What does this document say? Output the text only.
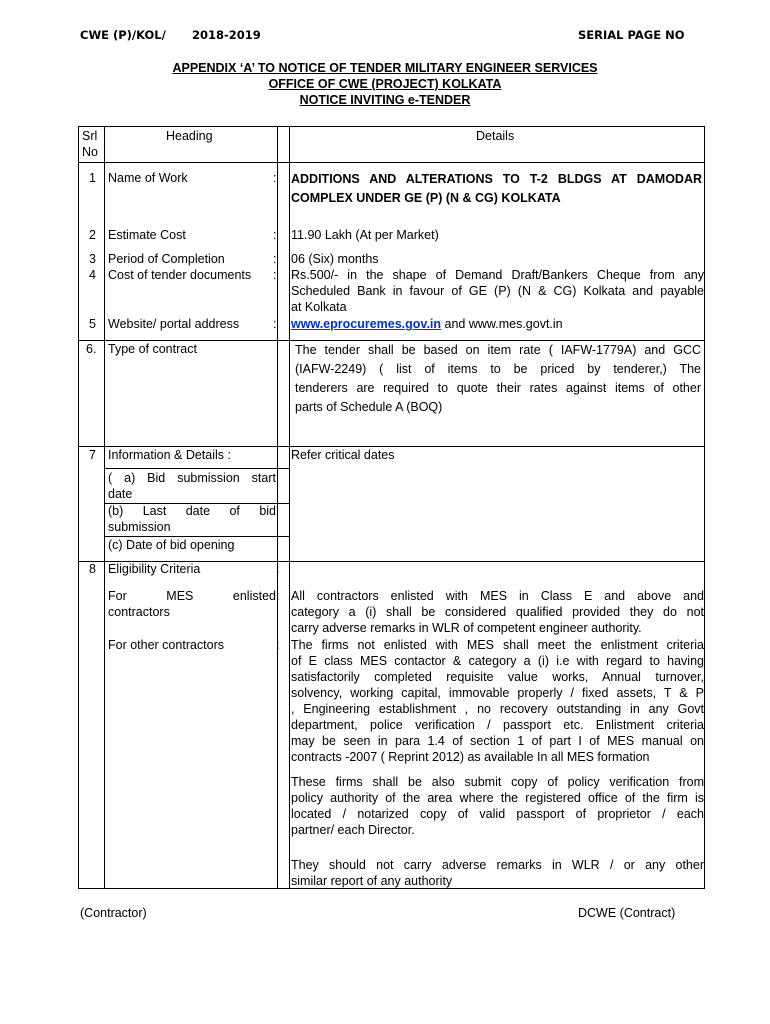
CWE (P)/KOL/ 2018-2019	SERIAL PAGE NO
APPENDIX ‘A’ TO NOTICE OF TENDER MILITARY ENGINEER SERVICES
OFFICE OF CWE (PROJECT) KOLKATA
NOTICE INVITING e-TENDER
Srl
No
Heading	Details
1 Name of Work	: ADDITIONS AND ALTERATIONS TO T-2 BLDGS AT DAMODAR
COMPLEX UNDER GE (P) (N & CG) KOLKATA
2 Estimate Cost	: 11.90 Lakh (At per Market)
3 Period of Completion	: 06 (Six) months
4 Cost of tender documents : Rs.500/- in the shape of Demand Draft/Bankers Cheque from any
Scheduled Bank in favour of GE (P) (N & CG) Kolkata and payable
at Kolkata
5 Website/ portal address	: www.eprocuremes.gov.in and www.mes.govt.in
6. Type of contract	The tender shall be based on item rate ( IAFW-1779A) and GCC
(IAFW-2249) ( list of items to be priced by tenderer,) The
tenderers are required to quote their rates against items of other
parts of Schedule A (BOQ)
7 Information & Details :	Refer critical dates
( a) Bid submission start
date
(b) Last date of bid
submission
(c) Date of bid opening
8 Eligibility Criteria	:
For MES enlisted
contractors
: All contractors enlisted with MES in Class E and above and
category a (i) shall be considered qualified provided they do not
carry adverse remarks in WLR of competent engineer authority.
For other contractors	: The firms not enlisted with MES shall meet the enlistment criteria
of E class MES contactor & category a (i) i.e with regard to having
satisfactorily completed requisite value works, Annual turnover,
solvency, working capital, immovable properly / fixed assets, T & P
, Engineering establishment , no recovery outstanding in any Govt
department, police verification / passport etc. Enlistment criteria
may be seen in para 1.4 of section 1 of part I of MES manual on
contracts -2007 ( Reprint 2012) as available In all MES formation
These firms shall be also submit copy of policy verification from
policy authority of the area where the registered office of the firm is
located / notarized copy of valid passport of proprietor / each
partner/ each Director.
They should not carry adverse remarks in WLR / or any other
similar report of any authority
(Contractor)	DCWE (Contract)
